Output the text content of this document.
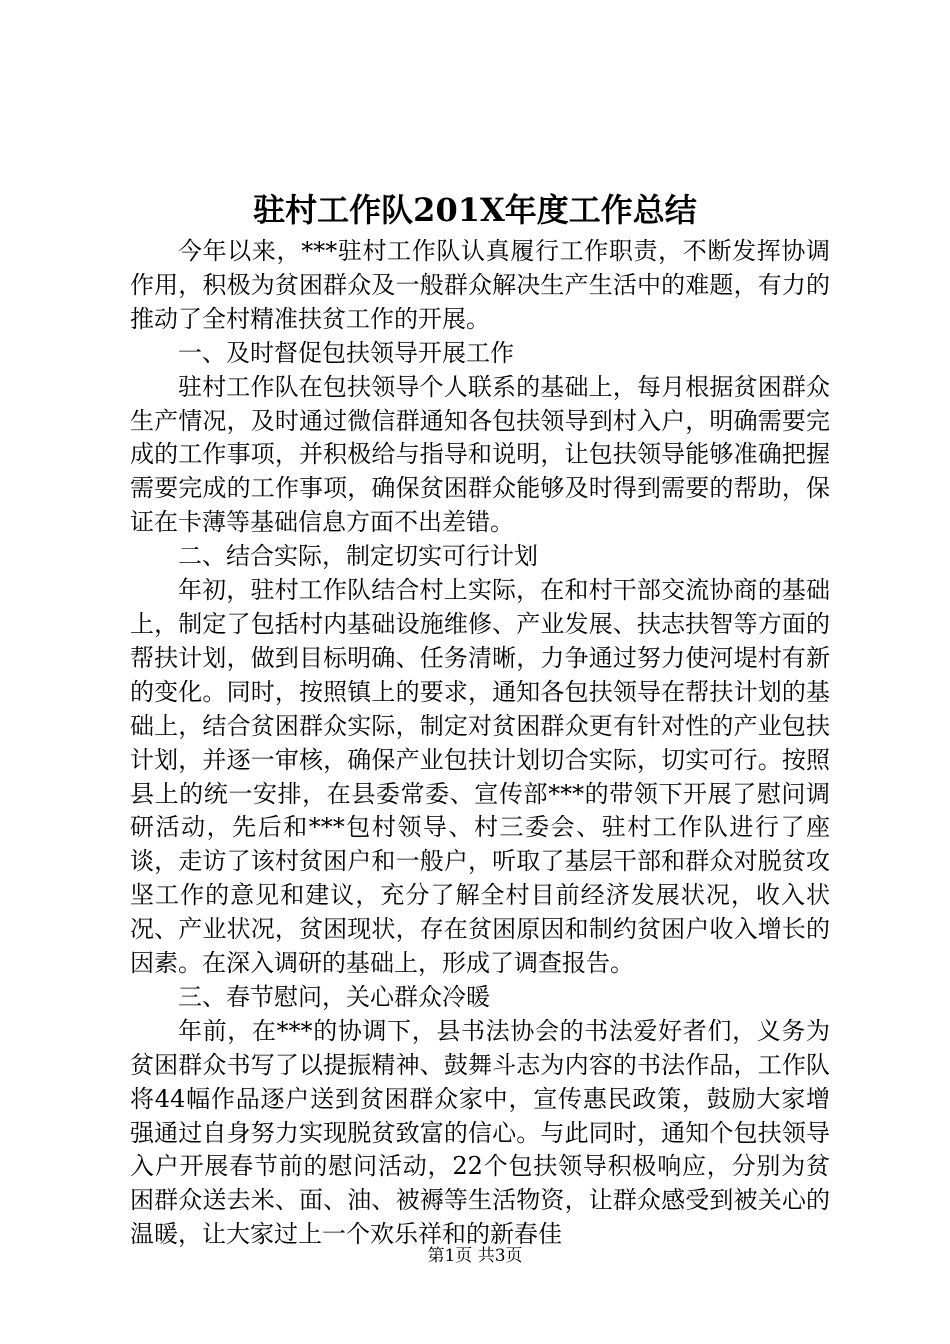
驻村工作队201X年度工作总结

今年以来，***驻村工作队认真履行工作职责，不断发挥协调作用，积极为贫困群众及一般群众解决生产生活中的难题，有力的推动了全村精准扶贫工作的开展。

一、及时督促包扶领导开展工作

驻村工作队在包扶领导个人联系的基础上，每月根据贫困群众生产情况，及时通过微信群通知各包扶领导到村入户，明确需要完成的工作事项，并积极给与指导和说明，让包扶领导能够准确把握需要完成的工作事项，确保贫困群众能够及时得到需要的帮助，保证在卡薄等基础信息方面不出差错。

二、结合实际，制定切实可行计划

年初，驻村工作队结合村上实际，在和村干部交流协商的基础上，制定了包括村内基础设施维修、产业发展、扶志扶智等方面的帮扶计划，做到目标明确、任务清晰，力争通过努力使河堤村有新的变化。同时，按照镇上的要求，通知各包扶领导在帮扶计划的基础上，结合贫困群众实际，制定对贫困群众更有针对性的产业包扶计划，并逐一审核，确保产业包扶计划切合实际，切实可行。按照县上的统一安排，在县委常委、宣传部***的带领下开展了慰问调研活动，先后和***包村领导、村三委会、驻村工作队进行了座谈，走访了该村贫困户和一般户，听取了基层干部和群众对脱贫攻坚工作的意见和建议，充分了解全村目前经济发展状况，收入状况、产业状况，贫困现状，存在贫困原因和制约贫困户收入增长的因素。在深入调研的基础上，形成了调查报告。

三、春节慰问，关心群众冷暖

年前，在***的协调下，县书法协会的书法爱好者们，义务为贫困群众书写了以提振精神、鼓舞斗志为内容的书法作品，工作队将44幅作品逐户送到贫困群众家中，宣传惠民政策，鼓励大家增强通过自身努力实现脱贫致富的信心。与此同时，通知个包扶领导入户开展春节前的慰问活动，22个包扶领导积极响应，分别为贫困群众送去米、面、油、被褥等生活物资，让群众感受到被关心的温暖，让大家过上一个欢乐祥和的新春佳

第1页 共3页
